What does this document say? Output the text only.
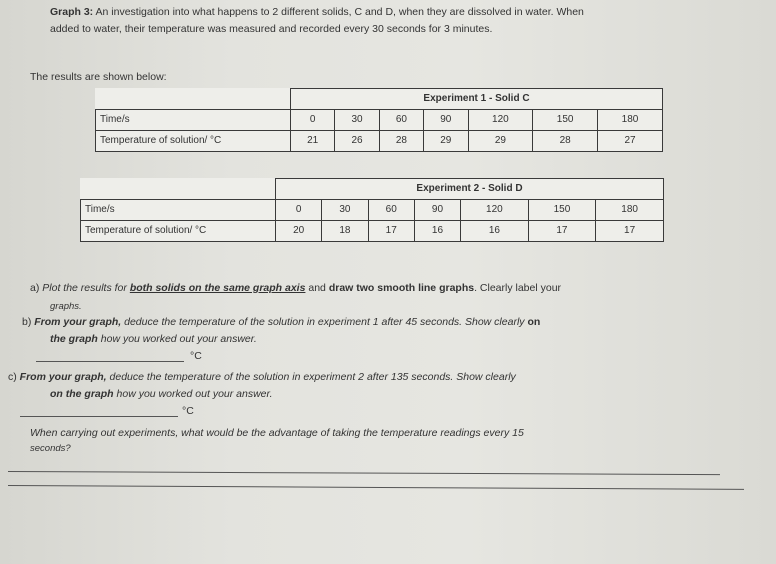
Graph 3: An investigation into what happens to 2 different solids, C and D, when they are dissolved in water. When
added to water, their temperature was measured and recorded every 30 seconds for 3 minutes.
The results are shown below:
	Experiment 1 - Solid C						
Time/s	0	30	60	90	120	150	180
Temperature of solution/ °C	21	26	28	29	29	28	27
	Experiment 2 - Solid D						
Time/s	0	30	60	90	120	150	180
Temperature of solution/ °C	20	18	17	16	16	17	17
a) Plot the results for both solids on the same graph axis and draw two smooth line graphs. Clearly label your
graphs.
b) From your graph, deduce the temperature of the solution in experiment 1 after 45 seconds. Show clearly on
the graph how you worked out your answer.
°C
c) From your graph, deduce the temperature of the solution in experiment 2 after 135 seconds. Show clearly
on the graph how you worked out your answer.
°C
When carrying out experiments, what would be the advantage of taking the temperature readings every 15
seconds?
